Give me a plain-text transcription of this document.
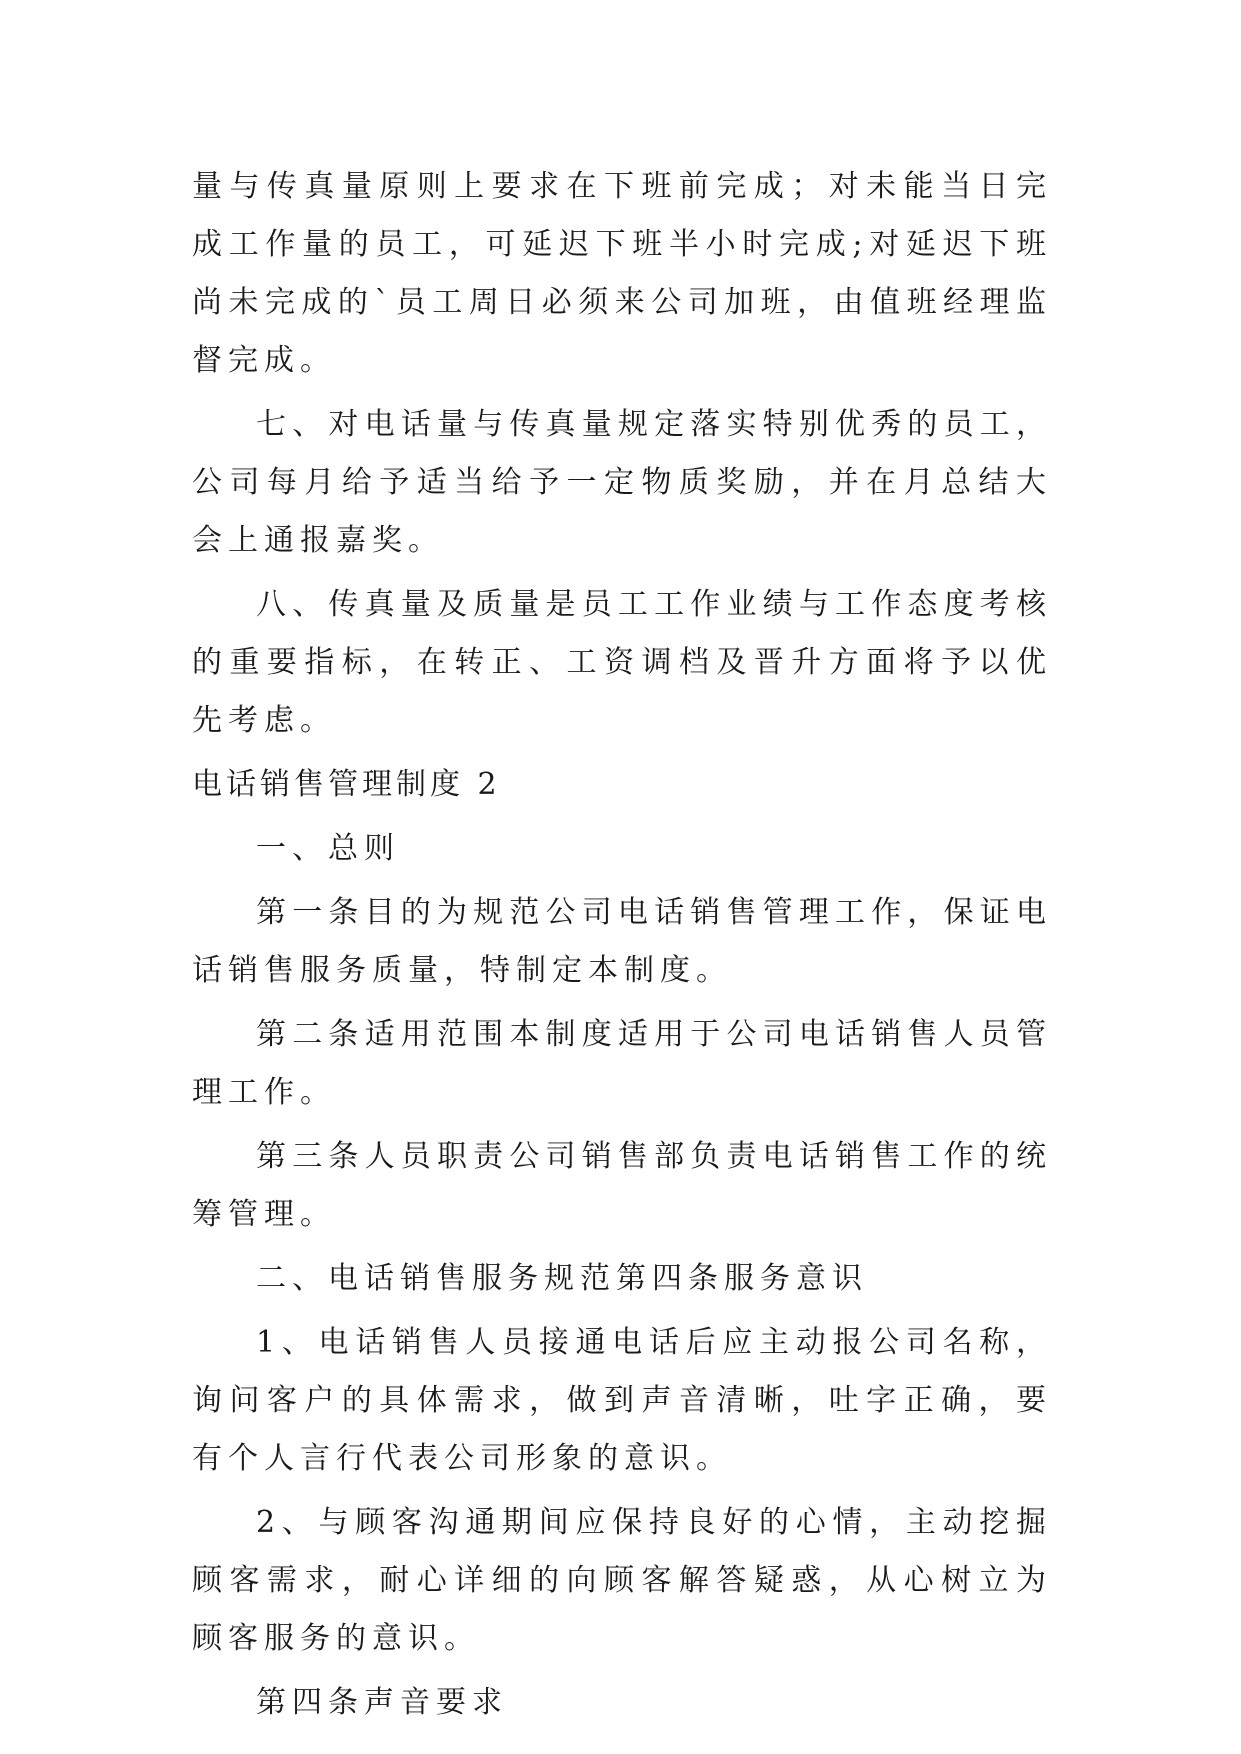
量与传真量原则上要求在下班前完成；对未能当日完成工作量的员工，可延迟下班半小时完成;对延迟下班尚未完成的`员工周日必须来公司加班，由值班经理监督完成。

七、对电话量与传真量规定落实特别优秀的员工，公司每月给予适当给予一定物质奖励，并在月总结大会上通报嘉奖。

八、传真量及质量是员工工作业绩与工作态度考核的重要指标，在转正、工资调档及晋升方面将予以优先考虑。

电话销售管理制度 2

一、总则

第一条目的为规范公司电话销售管理工作，保证电话销售服务质量，特制定本制度。

第二条适用范围本制度适用于公司电话销售人员管理工作。

第三条人员职责公司销售部负责电话销售工作的统筹管理。

二、电话销售服务规范第四条服务意识

1、电话销售人员接通电话后应主动报公司名称，询问客户的具体需求，做到声音清晰，吐字正确，要有个人言行代表公司形象的意识。

2、与顾客沟通期间应保持良好的心情，主动挖掘顾客需求，耐心详细的向顾客解答疑惑，从心树立为顾客服务的意识。

第四条声音要求
